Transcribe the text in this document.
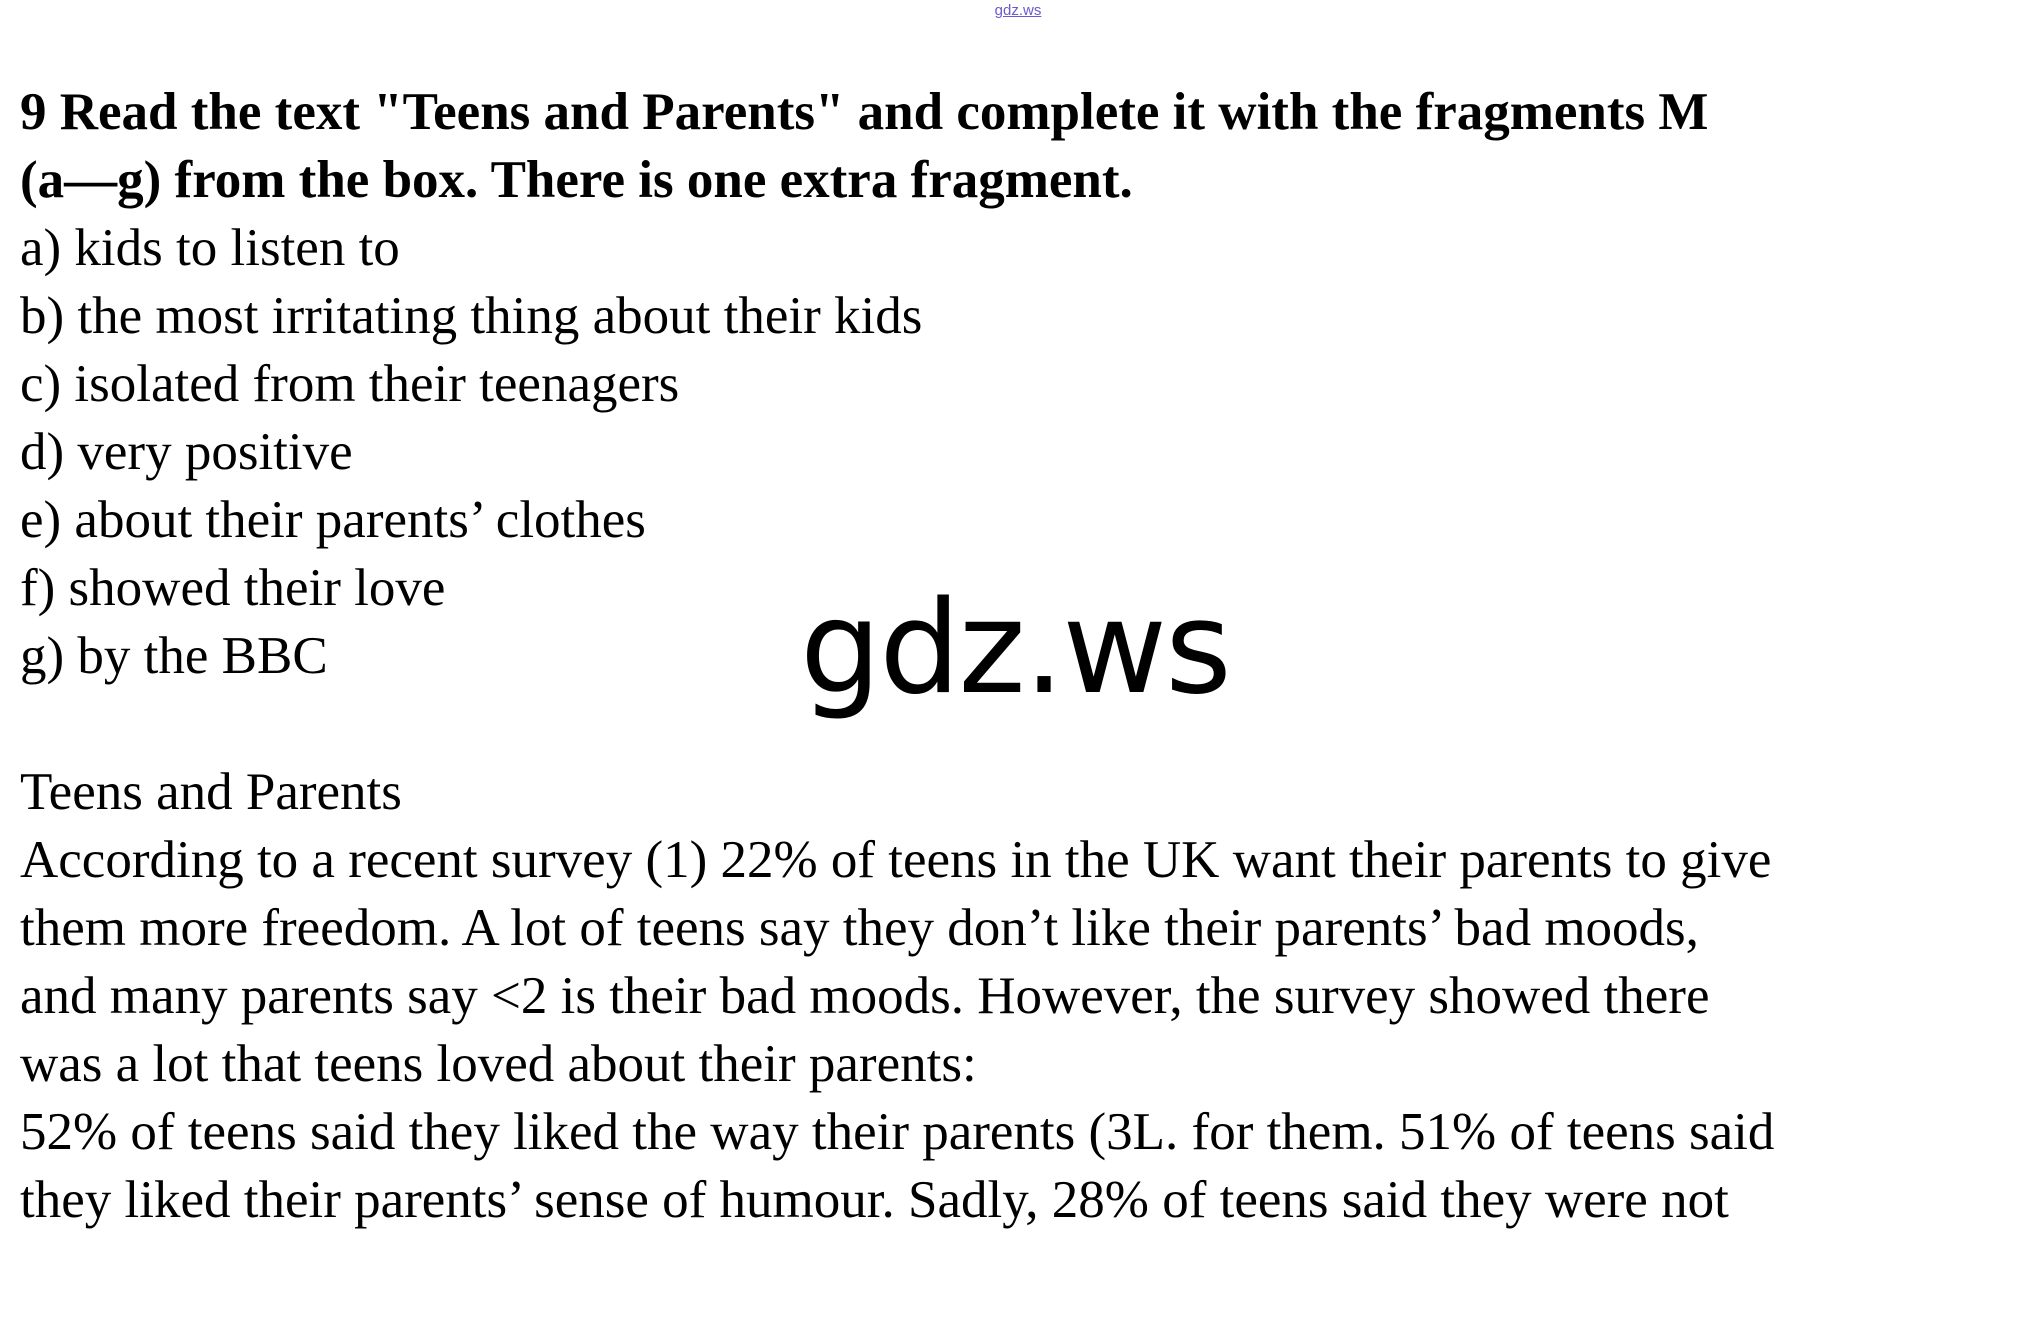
gdz.ws

9 Read the text "Teens and Parents" and complete it with the fragments M

(a—g) from the box. There is one extra fragment.

a) kids to listen to

b) the most irritating thing about their kids

c) isolated from their teenagers

d) very positive

e) about their parents’ clothes

f) showed their love

g) by the BBC

Teens and Parents

According to a recent survey (1) 22% of teens in the UK want their parents to give

them more freedom. A lot of teens say they don’t like their parents’ bad moods,

and many parents say <2 is their bad moods. However, the survey showed there

was a lot that teens loved about their parents:

52% of teens said they liked the way their parents (3L. for them. 51% of teens said

they liked their parents’ sense of humour. Sadly, 28% of teens said they were not

gdz.ws
